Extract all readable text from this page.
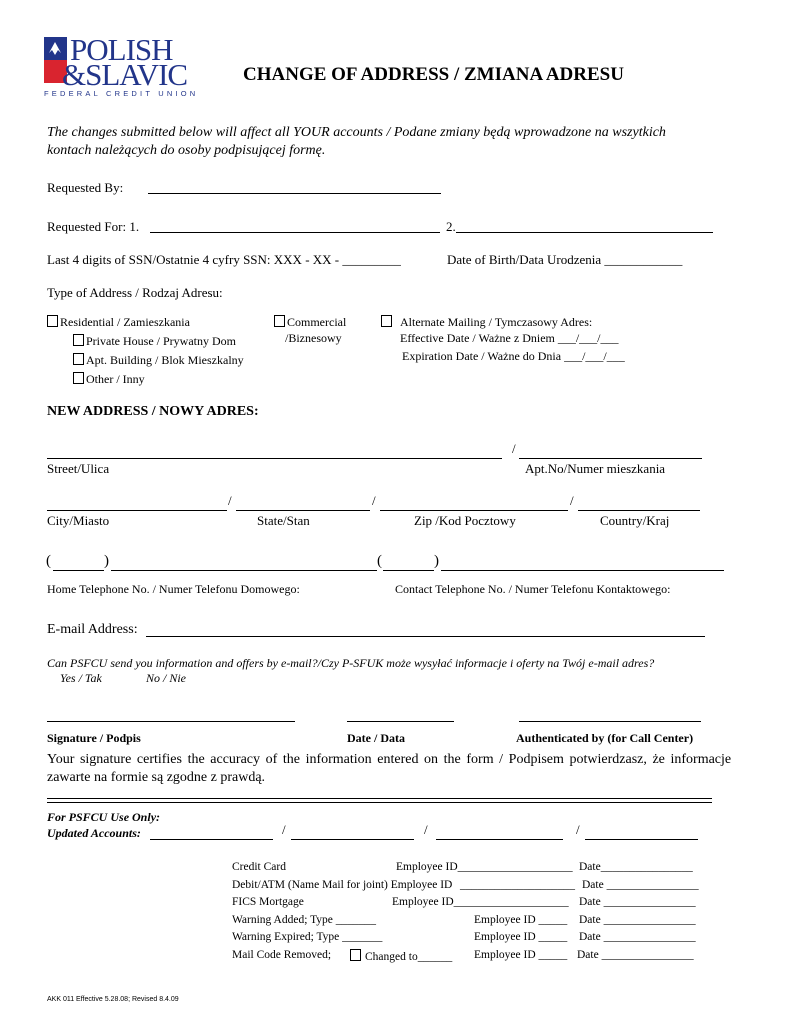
POLISH
&SLAVIC
FEDERAL CREDIT UNION
CHANGE OF ADDRESS / ZMIANA ADRESU
The changes submitted below will affect all YOUR accounts / Podane zmiany będą wprowadzone na wszytkich
kontach należących do osoby podpisującej formę.
Requested By:
Requested For: 1.	2.
Last 4 digits of SSN/Ostatnie 4 cyfry SSN: XXX - XX - _________	Date of Birth/Data Urodzenia ____________
Type of Address / Rodzaj Adresu:
Residential / Zamieszkania
Private House / Prywatny Dom
Apt. Building / Blok Mieszkalny
Other / Inny
Commercial
/Biznesowy
Alternate Mailing / Tymczasowy Adres:
Effective Date / Ważne z Dniem ___/___/___
Expiration Date / Ważne do Dnia ___/___/___
NEW ADDRESS / NOWY ADRES:
/
Street/Ulica	Apt.No/Numer mieszkania
/	/	/
City/Miasto	State/Stan	Zip /Kod Pocztowy	Country/Kraj
(	)	(	)
Home Telephone No. / Numer Telefonu Domowego:	Contact Telephone No. / Numer Telefonu Kontaktowego:
E-mail Address:
Can PSFCU send you information and offers by e-mail?/Czy P-SFUK może wysyłać informacje i oferty na Twój e-mail adres?
Yes / Tak	No / Nie
Signature / Podpis	Date / Data	Authenticated by (for Call Center)
Your signature certifies the accuracy of the information entered on the form / Podpisem potwierdzasz, że informacje
zawarte na formie są zgodne z prawdą.
For PSFCU Use Only:
Updated Accounts:	/	/	/
Credit Card	Employee ID____________________ Date________________
Debit/ATM (Name Mail for joint) Employee ID ____________________ Date ________________
FICS Mortgage	Employee ID____________________ Date ________________
Warning Added; Type _______	Employee ID _____ Date ________________
Warning Expired; Type _______	Employee ID _____ Date ________________
Mail Code Removed;	Changed to______ Employee ID _____ Date ________________
AKK 011 Effective 5.28.08; Revised 8.4.09
